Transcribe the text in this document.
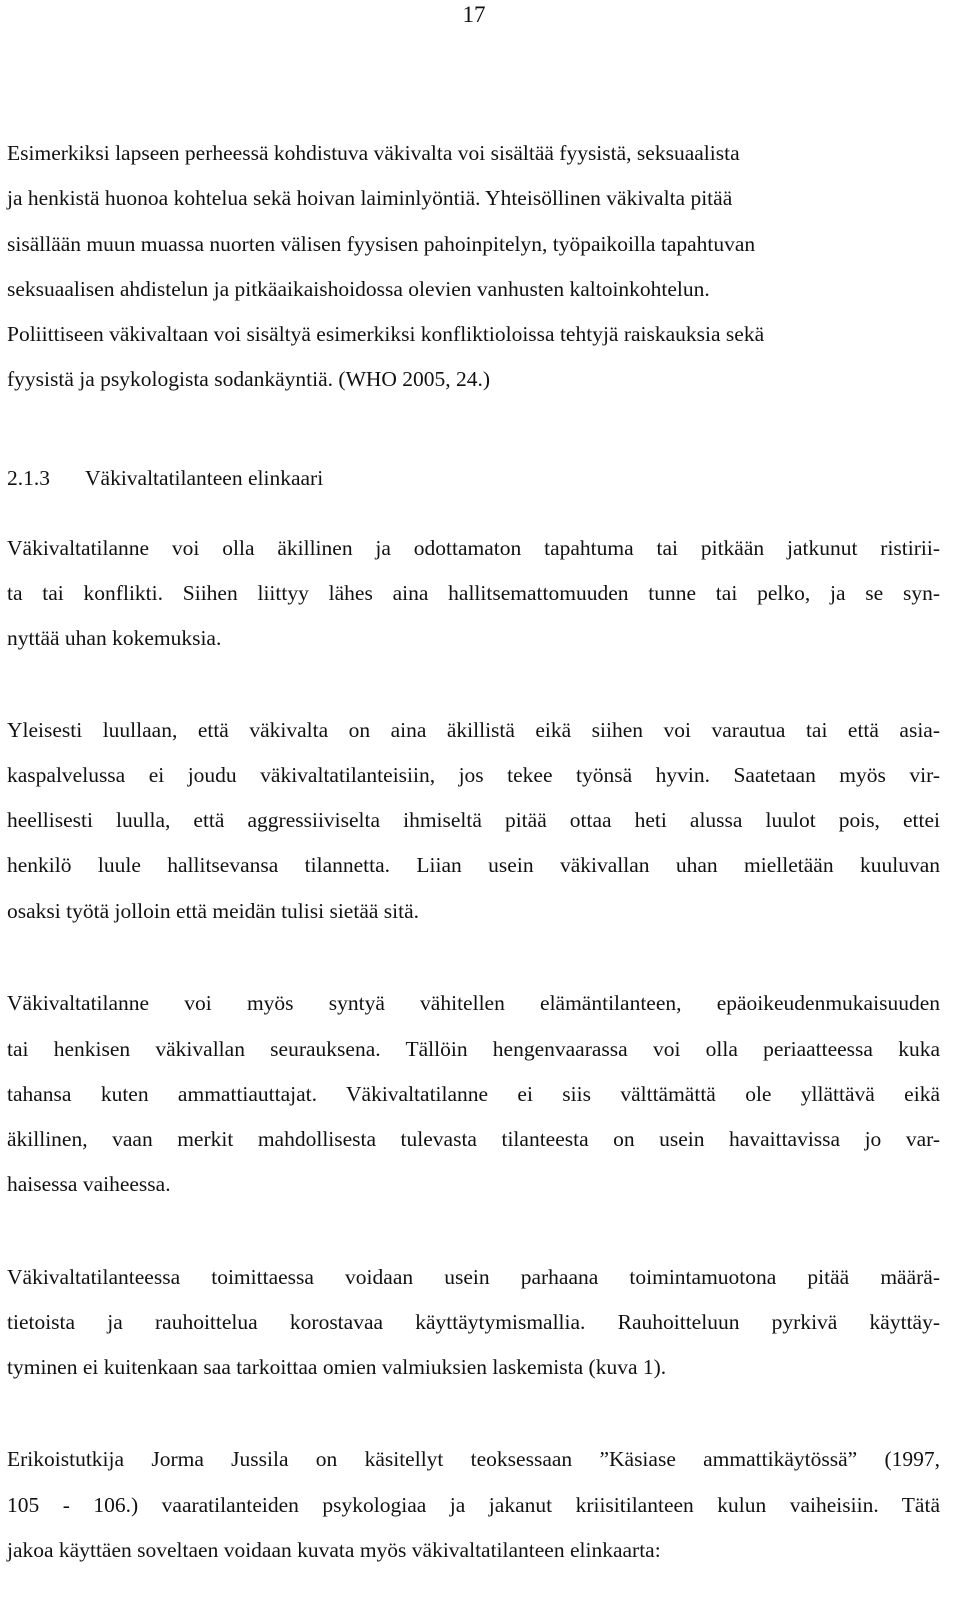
17
Esimerkiksi lapseen perheessä kohdistuva väkivalta voi sisältää fyysistä, seksuaalista
ja henkistä huonoa kohtelua sekä hoivan laiminlyöntiä. Yhteisöllinen väkivalta pitää
sisällään muun muassa nuorten välisen fyysisen pahoinpitelyn, työpaikoilla tapahtuvan
seksuaalisen ahdistelun ja pitkäaikaishoidossa olevien vanhusten kaltoinkohtelun.
Poliittiseen väkivaltaan voi sisältyä esimerkiksi konfliktioloissa tehtyjä raiskauksia sekä
fyysistä ja psykologista sodankäyntiä. (WHO 2005, 24.)
2.1.3 Väkivaltatilanteen elinkaari
Väkivaltatilanne voi olla äkillinen ja odottamaton tapahtuma tai pitkään jatkunut ristirii-
ta tai konflikti. Siihen liittyy lähes aina hallitsemattomuuden tunne tai pelko, ja se syn-
nyttää uhan kokemuksia.
Yleisesti luullaan, että väkivalta on aina äkillistä eikä siihen voi varautua tai että asia-
kaspalvelussa ei joudu väkivaltatilanteisiin, jos tekee työnsä hyvin. Saatetaan myös vir-
heellisesti luulla, että aggressiiviselta ihmiseltä pitää ottaa heti alussa luulot pois, ettei
henkilö luule hallitsevansa tilannetta. Liian usein väkivallan uhan mielletään kuuluvan
osaksi työtä jolloin että meidän tulisi sietää sitä.
Väkivaltatilanne voi myös syntyä vähitellen elämäntilanteen, epäoikeudenmukaisuuden
tai henkisen väkivallan seurauksena. Tällöin hengenvaarassa voi olla periaatteessa kuka
tahansa kuten ammattiauttajat. Väkivaltatilanne ei siis välttämättä ole yllättävä eikä
äkillinen, vaan merkit mahdollisesta tulevasta tilanteesta on usein havaittavissa jo var-
haisessa vaiheessa.
Väkivaltatilanteessa toimittaessa voidaan usein parhaana toimintamuotona pitää määrä-
tietoista ja rauhoittelua korostavaa käyttäytymismallia. Rauhoitteluun pyrkivä käyttäy-
tyminen ei kuitenkaan saa tarkoittaa omien valmiuksien laskemista (kuva 1).
Erikoistutkija Jorma Jussila on käsitellyt teoksessaan ”Käsiase ammattikäytössä” (1997,
105 - 106.) vaaratilanteiden psykologiaa ja jakanut kriisitilanteen kulun vaiheisiin. Tätä
jakoa käyttäen soveltaen voidaan kuvata myös väkivaltatilanteen elinkaarta:
